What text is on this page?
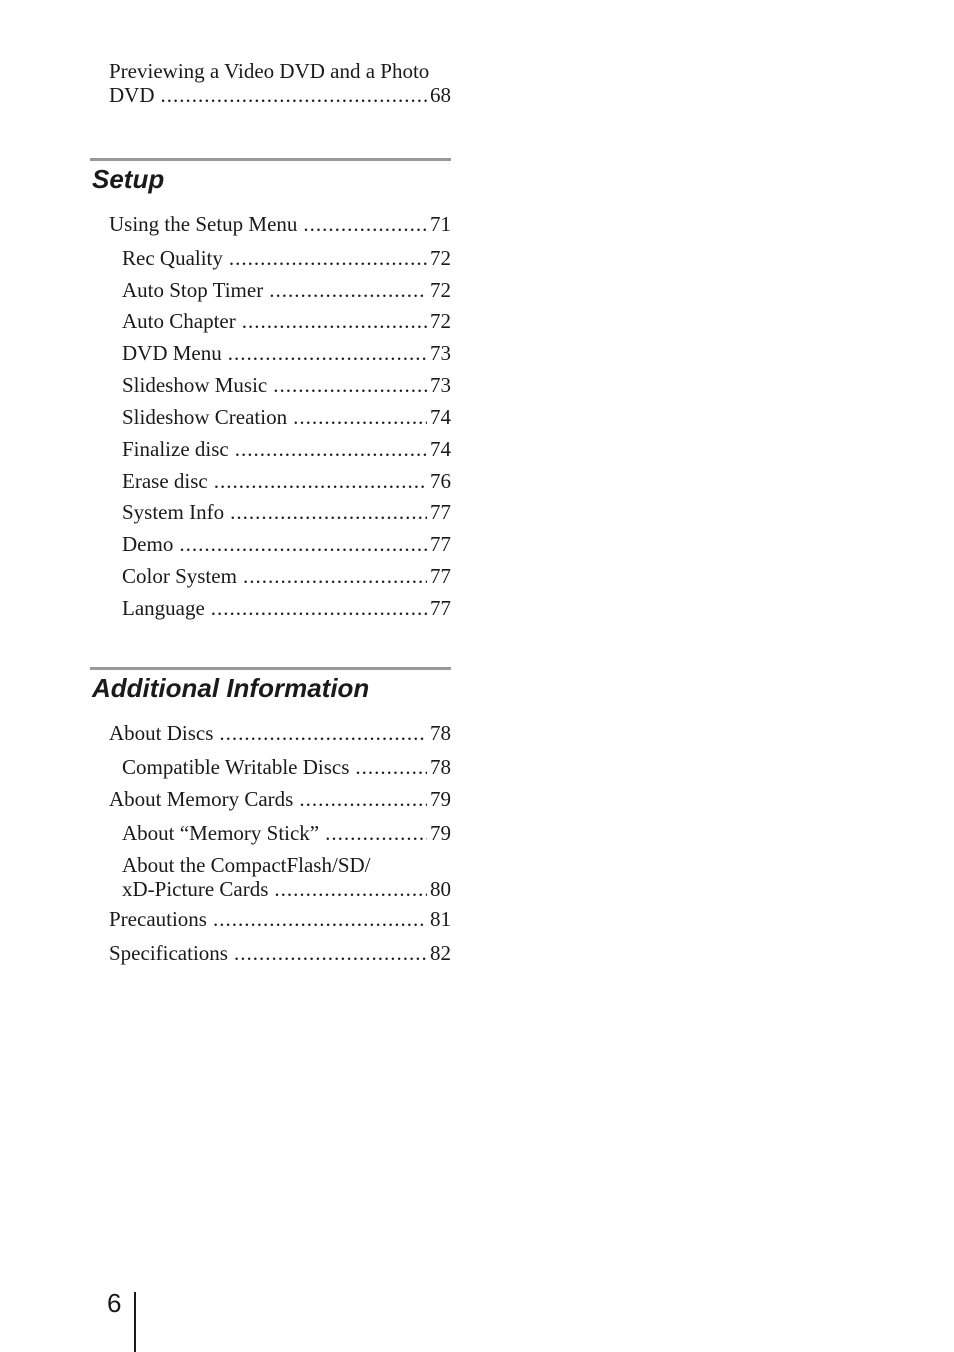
Previewing a Video DVD and a Photo
DVD .....	68
Setup
Using the Setup Menu .....	71
Rec Quality .....	72
Auto Stop Timer .....	72
Auto Chapter .....	72
DVD Menu .....	73
Slideshow Music .....	73
Slideshow Creation .....	74
Finalize disc .....	74
Erase disc .....	76
System Info .....	77
Demo .....	77
Color System .....	77
Language .....	77
Additional Information
About Discs .....	78
Compatible Writable Discs .....	78
About Memory Cards .....	79
About “Memory Stick” .....	79
About the CompactFlash/SD/
xD-Picture Cards .....	80
Precautions .....	81
Specifications .....	82
6
